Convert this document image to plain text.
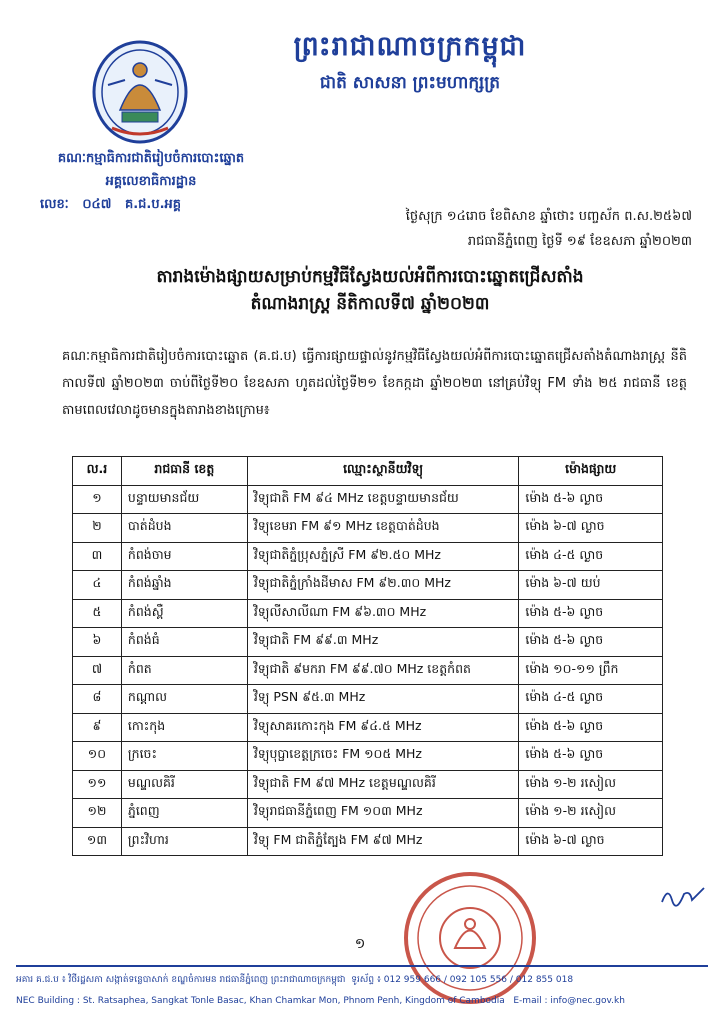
ព្រះរាជាណាចក្រកម្ពុជា
ជាតិ សាសនា ព្រះមហាក្សត្រ
គណៈកម្មាធិការជាតិរៀបចំការបោះឆ្នោត
អគ្គលេខាធិការដ្ឋាន
លេខៈ ០៤៧ គ.ជ.ប.អគ្គ
ថ្ងៃសុក្រ ១៤រោច ខែពិសាខ ឆ្នាំថោះ បញ្ចស័ក ព.ស.២៥៦៧
រាជធានីភ្នំពេញ ថ្ងៃទី ១៩ ខែឧសភា ឆ្នាំ២០២៣
តារាងម៉ោងផ្សាយសម្រាប់កម្មវិធីស្វែងយល់អំពីការបោះឆ្នោតជ្រើសតាំង
តំណាងរាស្ត្រ នីតិកាលទី៧ ឆ្នាំ២០២៣
គណៈកម្មាធិការជាតិរៀបចំការបោះឆ្នោត (គ.ជ.ប) ធ្វើការផ្សាយផ្ទាល់នូវកម្មវិធីស្វែងយល់អំពីការបោះឆ្នោតជ្រើសតាំងតំណាងរាស្ត្រ នីតិកាលទី៧ ឆ្នាំ២០២៣ ចាប់ពីថ្ងៃទី២០ ខែឧសភា ហូតដល់ថ្ងៃទី២១ ខែកក្កដា ឆ្នាំ២០២៣ នៅគ្រប់វិទ្យុ FM ទាំង ២៥ រាជធានី ខេត្ត តាមពេលវេលាដូចមានក្នុងតារាងខាងក្រោម៖
ល.រ	រាជធានី ខេត្ត	ឈ្មោះស្ថានីយវិទ្យុ	ម៉ោងផ្សាយ
១	បន្ទាយមានជ័យ	វិទ្យុជាតិ FM ៩៤ MHz ខេត្តបន្ទាយមានជ័យ	ម៉ោង ៥-៦ ល្ងាច
២	បាត់ដំបង	វិទ្យុខេមរា FM ៩១ MHz ខេត្តបាត់ដំបង	ម៉ោង ៦-៧ ល្ងាច
៣	កំពង់ចាម	វិទ្យុជាតិភ្នំប្រុសភ្នំស្រី FM ៩២.៥០ MHz	ម៉ោង ៤-៥ ល្ងាច
៤	កំពង់ឆ្នាំង	វិទ្យុជាតិភ្នំក្រាំងដីមាស FM ៩២.៣០ MHz	ម៉ោង ៦-៧ យប់
៥	កំពង់ស្ពឺ	វិទ្យុលីសាលីណា FM ៩៦.៣០ MHz	ម៉ោង ៥-៦ ល្ងាច
៦	កំពង់ធំ	វិទ្យុជាតិ FM ៩៩.៣ MHz	ម៉ោង ៥-៦ ល្ងាច
៧	កំពត	វិទ្យុជាតិ ៩មករា FM ៩៩.៧០ MHz ខេត្តកំពត	ម៉ោង ១០-១១ ព្រឹក
៨	កណ្តាល	វិទ្យុ PSN ៩៥.៣ MHz	ម៉ោង ៤-៥ ល្ងាច
៩	កោះកុង	វិទ្យុសាគរកោះកុង FM ៩៤.៥ MHz	ម៉ោង ៥-៦ ល្ងាច
១០	ក្រចេះ	វិទ្យុបុប្ផាខេត្តក្រចេះ FM ១០៥ MHz	ម៉ោង ៥-៦ ល្ងាច
១១	មណ្ឌលគិរី	វិទ្យុជាតិ FM ៩៧ MHz ខេត្តមណ្ឌលគិរី	ម៉ោង ១-២ រសៀល
១២	ភ្នំពេញ	វិទ្យុរាជធានីភ្នំពេញ FM ១០៣ MHz	ម៉ោង ១-២ រសៀល
១៣	ព្រះវិហារ	វិទ្យុ FM ជាតិភ្នំត្បែង FM ៩៧ MHz	ម៉ោង ៦-៧ ល្ងាច
១
អគារ គ.ជ.ប ៖ វិថីរដ្ឋសភា សង្កាត់ទន្លេបាសាក់ ខណ្ឌចំការមន រាជធានីភ្នំពេញ ព្រះរាជាណាចក្រកម្ពុជា ទូរស័ព្ទ ៖ 012 959 666 / 092 105 556 / 012 855 018
NEC Building : St. Ratsaphea, Sangkat Tonle Basac, Khan Chamkar Mon, Phnom Penh, Kingdom of Cambodia E-mail : info@nec.gov.kh
